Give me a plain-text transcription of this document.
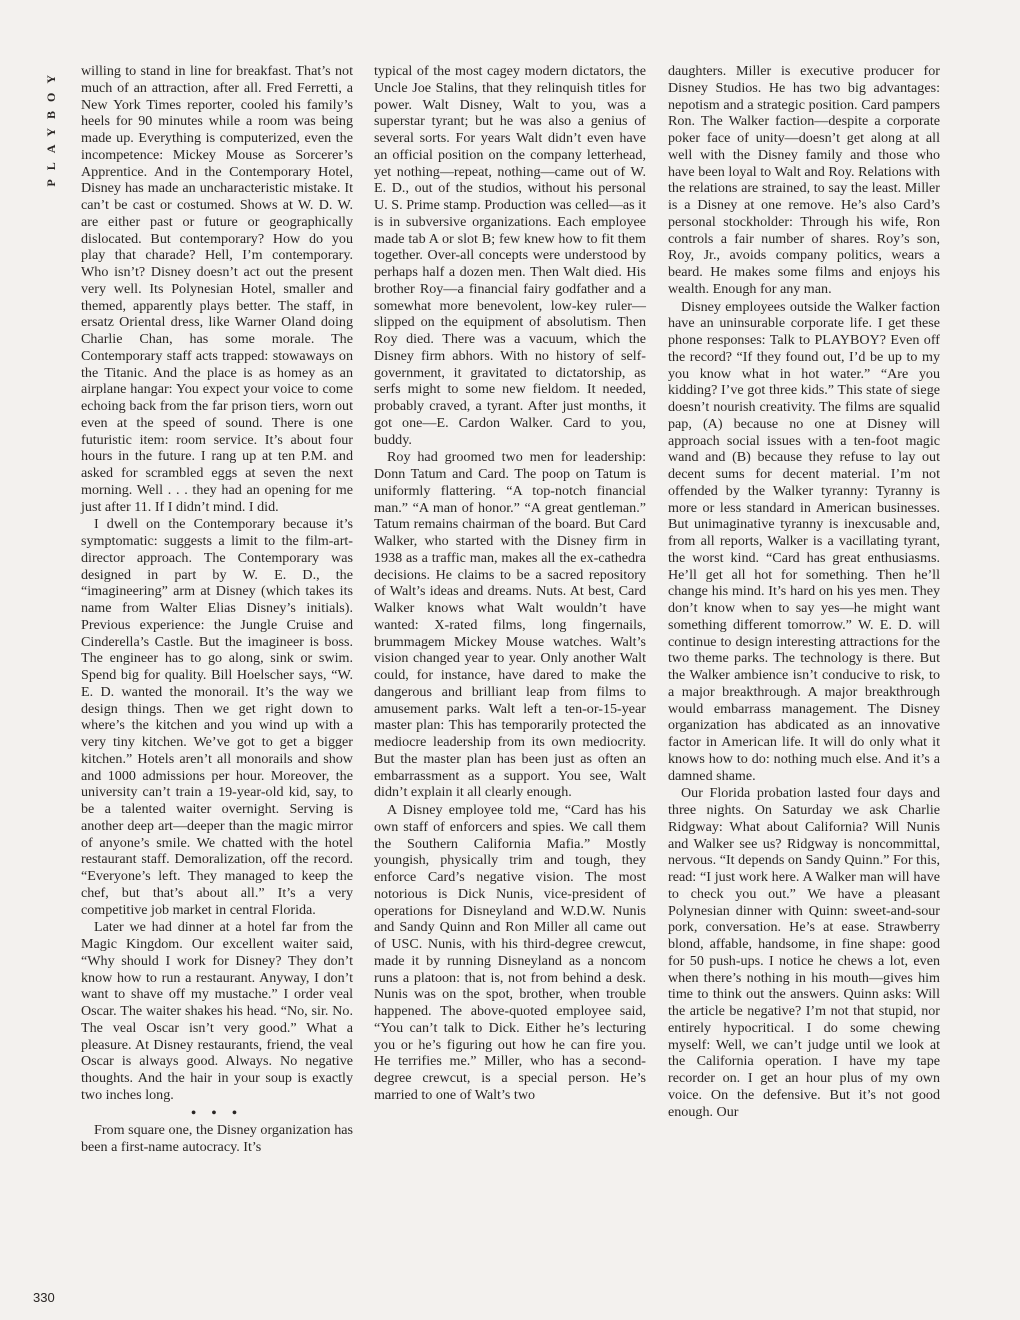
PLAYBOY willing to stand in line for breakfast. That’s not much of an attraction, after all. Fred Ferretti, a New York Times reporter, cooled his family’s heels for 90 minutes while a room was being made up. Everything is computerized, even the incompetence: Mickey Mouse as Sorcerer’s Apprentice. And in the Contemporary Hotel, Disney has made an uncharacteristic mistake. It can’t be cast or costumed. Shows at W. D. W. are either past or future or geographically dislocated. But contemporary? How do you play that charade? Hell, I’m contemporary. Who isn’t? Disney doesn’t act out the present very well. Its Polynesian Hotel, smaller and themed, apparently plays better. The staff, in ersatz Oriental dress, like Warner Oland doing Charlie Chan, has some morale. The Contemporary staff acts trapped: stowaways on the Titanic. And the place is as homey as an airplane hangar: You expect your voice to come echoing back from the far prison tiers, worn out even at the speed of sound. There is one futuristic item: room service. It’s about four hours in the future. I rang up at ten P.M. and asked for scrambled eggs at seven the next morning. Well . . . they had an opening for me just after 11. If I didn’t mind. I did.

I dwell on the Contemporary because it’s symptomatic: suggests a limit to the film-art-director approach. The Contemporary was designed in part by W. E. D., the “imagineering” arm at Disney (which takes its name from Walter Elias Disney’s initials). Previous experience: the Jungle Cruise and Cinderella’s Castle. But the imagineer is boss. The engineer has to go along, sink or swim. Spend big for quality. Bill Hoelscher says, “W. E. D. wanted the monorail. It’s the way we design things. Then we get right down to where’s the kitchen and you wind up with a very tiny kitchen. We’ve got to get a bigger kitchen.” Hotels aren’t all monorails and show and 1000 admissions per hour. Moreover, the university can’t train a 19-year-old kid, say, to be a talented waiter overnight. Serving is another deep art—deeper than the magic mirror of anyone’s smile. We chatted with the hotel restaurant staff. Demoralization, off the record. “Everyone’s left. They managed to keep the chef, but that’s about all.” It’s a very competitive job market in central Florida.

Later we had dinner at a hotel far from the Magic Kingdom. Our excellent waiter said, “Why should I work for Disney? They don’t know how to run a restaurant. Anyway, I don’t want to shave off my mustache.” I order veal Oscar. The waiter shakes his head. “No, sir. No. The veal Oscar isn’t very good.” What a pleasure. At Disney restaurants, friend, the veal Oscar is always good. Always. No negative thoughts. And the hair in your soup is exactly two inches long.

• • •

From square one, the Disney organization has been a first-name autocracy. It’s

typical of the most cagey modern dictators, the Uncle Joe Stalins, that they relinquish titles for power. Walt Disney, Walt to you, was a superstar tyrant; but he was also a genius of several sorts. For years Walt didn’t even have an official position on the company letterhead, yet nothing—repeat, nothing—came out of W. E. D., out of the studios, without his personal U. S. Prime stamp. Production was celled—as it is in subversive organizations. Each employee made tab A or slot B; few knew how to fit them together. Over-all concepts were understood by perhaps half a dozen men. Then Walt died. His brother Roy—a financial fairy godfather and a somewhat more benevolent, low-key ruler—slipped on the equipment of absolutism. Then Roy died. There was a vacuum, which the Disney firm abhors. With no history of self-government, it gravitated to dictatorship, as serfs might to some new fieldom. It needed, probably craved, a tyrant. After just months, it got one—E. Cardon Walker. Card to you, buddy.

Roy had groomed two men for leadership: Donn Tatum and Card. The poop on Tatum is uniformly flattering. “A top-notch financial man.” “A man of honor.” “A great gentleman.” Tatum remains chairman of the board. But Card Walker, who started with the Disney firm in 1938 as a traffic man, makes all the ex-cathedra decisions. He claims to be a sacred repository of Walt’s ideas and dreams. Nuts. At best, Card Walker knows what Walt wouldn’t have wanted: X-rated films, long fingernails, brummagem Mickey Mouse watches. Walt’s vision changed year to year. Only another Walt could, for instance, have dared to make the dangerous and brilliant leap from films to amusement parks. Walt left a ten-or-15-year master plan: This has temporarily protected the mediocre leadership from its own mediocrity. But the master plan has been just as often an embarrassment as a support. You see, Walt didn’t explain it all clearly enough.

A Disney employee told me, “Card has his own staff of enforcers and spies. We call them the Southern California Mafia.” Mostly youngish, physically trim and tough, they enforce Card’s negative vision. The most notorious is Dick Nunis, vice-president of operations for Disneyland and W.D.W. Nunis and Sandy Quinn and Ron Miller all came out of USC. Nunis, with his third-degree crewcut, made it by running Disneyland as a noncom runs a platoon: that is, not from behind a desk. Nunis was on the spot, brother, when trouble happened. The above-quoted employee said, “You can’t talk to Dick. Either he’s lecturing you or he’s figuring out how he can fire you. He terrifies me.” Miller, who has a second-degree crewcut, is a special person. He’s married to one of Walt’s two

daughters. Miller is executive producer for Disney Studios. He has two big advantages: nepotism and a strategic position. Card pampers Ron. The Walker faction—despite a corporate poker face of unity—doesn’t get along at all well with the Disney family and those who have been loyal to Walt and Roy. Relations with the relations are strained, to say the least. Miller is a Disney at one remove. He’s also Card’s personal stockholder: Through his wife, Ron controls a fair number of shares. Roy’s son, Roy, Jr., avoids company politics, wears a beard. He makes some films and enjoys his wealth. Enough for any man.

Disney employees outside the Walker faction have an uninsurable corporate life. I get these phone responses: Talk to PLAYBOY? Even off the record? “If they found out, I’d be up to my you know what in hot water.” “Are you kidding? I’ve got three kids.” This state of siege doesn’t nourish creativity. The films are squalid pap, (A) because no one at Disney will approach social issues with a ten-foot magic wand and (B) because they refuse to lay out decent sums for decent material. I’m not offended by the Walker tyranny: Tyranny is more or less standard in American businesses. But unimaginative tyranny is inexcusable and, from all reports, Walker is a vacillating tyrant, the worst kind. “Card has great enthusiasms. He’ll get all hot for something. Then he’ll change his mind. It’s hard on his yes men. They don’t know when to say yes—he might want something different tomorrow.” W. E. D. will continue to design interesting attractions for the two theme parks. The technology is there. But the Walker ambience isn’t conducive to risk, to a major breakthrough. A major breakthrough would embarrass management. The Disney organization has abdicated as an innovative factor in American life. It will do only what it knows how to do: nothing much else. And it’s a damned shame.

Our Florida probation lasted four days and three nights. On Saturday we ask Charlie Ridgway: What about California? Will Nunis and Walker see us? Ridgway is noncommittal, nervous. “It depends on Sandy Quinn.” For this, read: “I just work here. A Walker man will have to check you out.” We have a pleasant Polynesian dinner with Quinn: sweet-and-sour pork, conversation. He’s at ease. Strawberry blond, affable, handsome, in fine shape: good for 50 push-ups. I notice he chews a lot, even when there’s nothing in his mouth—gives him time to think out the answers. Quinn asks: Will the article be negative? I’m not that stupid, nor entirely hypocritical. I do some chewing myself: Well, we can’t judge until we look at the California operation. I have my tape recorder on. I get an hour plus of my own voice. On the defensive. But it’s not good enough. Our

330
